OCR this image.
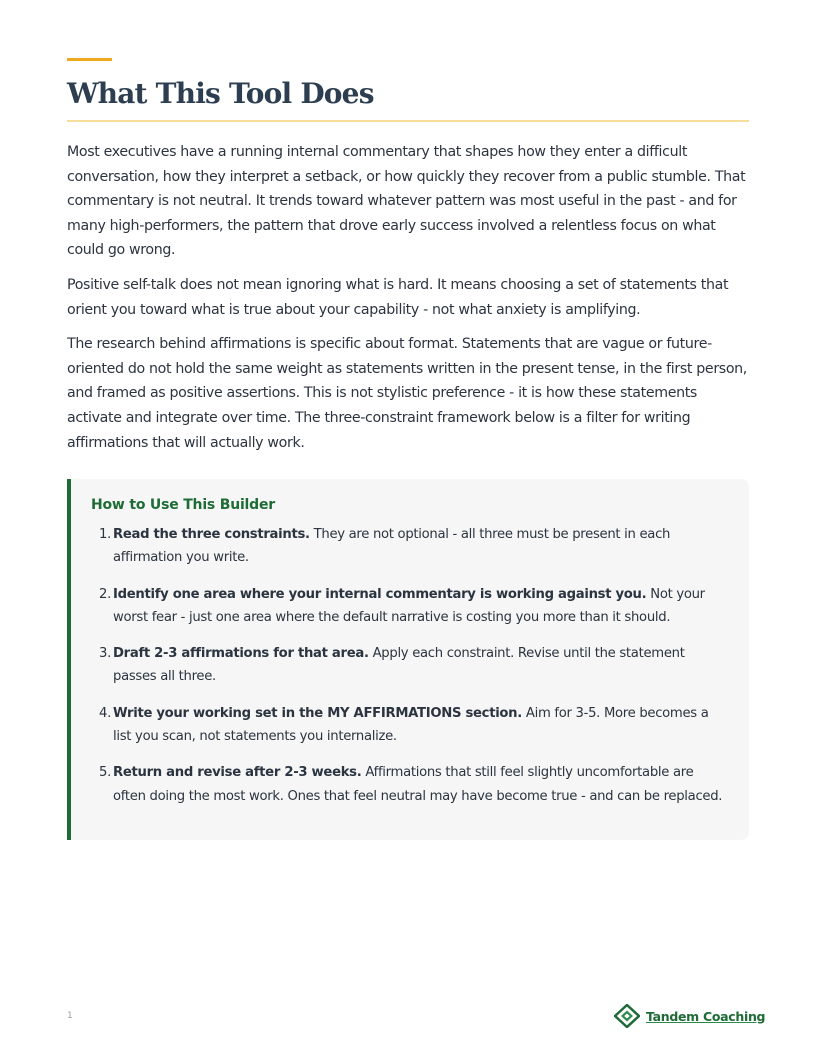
What This Tool Does

Most executives have a running internal commentary that shapes how they enter a difficult conversation, how they interpret a setback, or how quickly they recover from a public stumble. That commentary is not neutral. It trends toward whatever pattern was most useful in the past - and for many high-performers, the pattern that drove early success involved a relentless focus on what could go wrong.

Positive self-talk does not mean ignoring what is hard. It means choosing a set of statements that orient you toward what is true about your capability - not what anxiety is amplifying.

The research behind affirmations is specific about format. Statements that are vague or future-oriented do not hold the same weight as statements written in the present tense, in the first person, and framed as positive assertions. This is not stylistic preference - it is how these statements activate and integrate over time. The three-constraint framework below is a filter for writing affirmations that will actually work.

How to Use This Builder
1. Read the three constraints. They are not optional - all three must be present in each affirmation you write.
2. Identify one area where your internal commentary is working against you. Not your worst fear - just one area where the default narrative is costing you more than it should.
3. Draft 2-3 affirmations for that area. Apply each constraint. Revise until the statement passes all three.
4. Write your working set in the MY AFFIRMATIONS section. Aim for 3-5. More becomes a list you scan, not statements you internalize.
5. Return and revise after 2-3 weeks. Affirmations that still feel slightly uncomfortable are often doing the most work. Ones that feel neutral may have become true - and can be replaced.
1	Tandem Coaching
